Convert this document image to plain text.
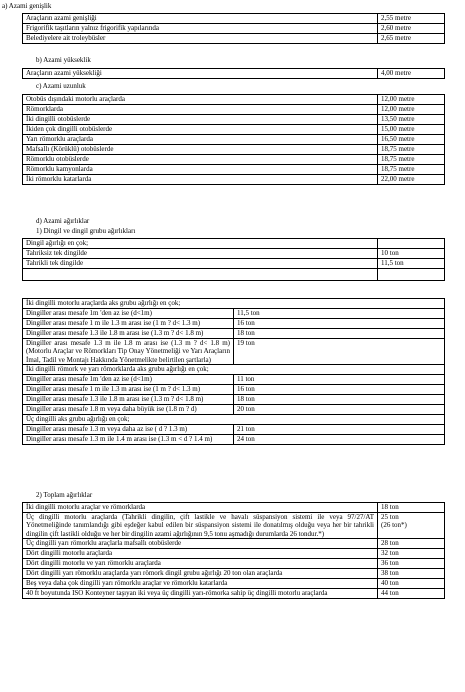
a) Azami genişlik
Araçların azami genişliği	2,55 metre
Frigorifik taşıtların yalnız frigorifik yapılarında	2,60 metre
Belediyelere ait troleybüsler	2,65 metre
b) Azami yükseklik
Araçların azami yüksekliği	4,00 metre
c) Azami uzunluk
Otobüs dışındaki motorlu araçlarda	12,00 metre
Römorklarda	12,00 metre
İki dingilli otobüslerde	13,50 metre
İkiden çok dingilli otobüslerde	15,00 metre
Yarı römorklu araçlarda	16,50 metre
Mafsallı (Körüklü) otobüslerde	18,75 metre
Römorklu otobüslerde	18,75 metre
Römorklu kamyonlarda	18,75 metre
İki römorklu katarlarda	22,00 metre
d) Azami ağırlıklar
1) Dingil ve dingil grubu ağırlıkları
Dingil ağırlığı en çok;	
Tahriksiz tek dingilde	10 ton
Tahrikli tek dingilde	11,5 ton

İki dingilli motorlu araçlarda aks grubu ağırlığı en çok;	
Dingiller arası mesafe 1m 'den az ise (d<1m)	11,5 ton
Dingiller arası mesafe 1 m ile 1.3 m arası ise (1 m ? d< 1.3 m)	16 ton
Dingiller arası mesafe 1.3 ile 1.8 m arası ise (1.3 m ? d< 1.8 m)	18 ton
Dingiller arası mesafe 1.3 m ile 1.8 m arası ise (1.3 m ? d< 1.8 m) (Motorlu Araçlar ve Römorkları Tip Onay Yönetmeliği ve Yarı Araçların İmal, Tadil ve Montajı Hakkında Yönetmelikte belirtilen şartlarla)	19 ton
İki dingilli römork ve yarı römorklarda aks grubu ağırlığı en çok;	
Dingiller arası mesafe 1m 'den az ise (d<1m)	11 ton
Dingiller arası mesafe 1 m ile 1.3 m arası ise (1 m ? d< 1.3 m)	16 ton
Dingiller arası mesafe 1.3 ile 1.8 m arası ise (1.3 m ? d< 1.8 m)	18 ton
Dingiller arası mesafe 1.8 m veya daha büyük ise (1.8 m ? d)	20 ton
Üç dingilli aks grubu ağırlığı en çok;	
Dingiller arası mesafe 1.3 m veya daha az ise ( d ? 1.3 m)	21 ton
Dingiller arası mesafe 1.3 m ile 1.4 m arası ise (1.3 m < d ? 1.4 m)	24 ton
2) Toplam ağırlıklar
İki dingilli motorlu araçlar ve römorklarda	18 ton
Üç dingilli motorlu araçlarda (Tahrikli dingilin, çift lastikle ve havalı süspansiyon sistemi ile veya 97/27/AT Yönetmeliğinde tanımlandığı gibi eşdeğer kabul edilen bir süspansiyon sistemi ile donatılmış olduğu veya her bir tahrikli dingilin çift lastikli olduğu ve her bir dingilin azami ağırlığının 9,5 tonu aşmadığı durumlarda 26 tondur.*)	25 ton
(26 ton*)

Üç dingilli yarı römorklu araçlarla mafsallı otobüslerde	28 ton
Dört dingilli motorlu araçlarda	32 ton
Dört dingilli motorlu ve yarı römorklu araçlarda	36 ton
Dört dingilli yarı römorklu araçlarda yarı römork dingil grubu ağırlığı 20 ton olan araçlarda	38 ton
Beş veya daha çok dingilli yarı römorklu araçlar ve römorklu katarlarda	40 ton
40 ft boyutunda ISO Konteyner taşıyan iki veya üç dingilli yarı-römorka sahip üç dingilli motorlu araçlarda	44 ton
